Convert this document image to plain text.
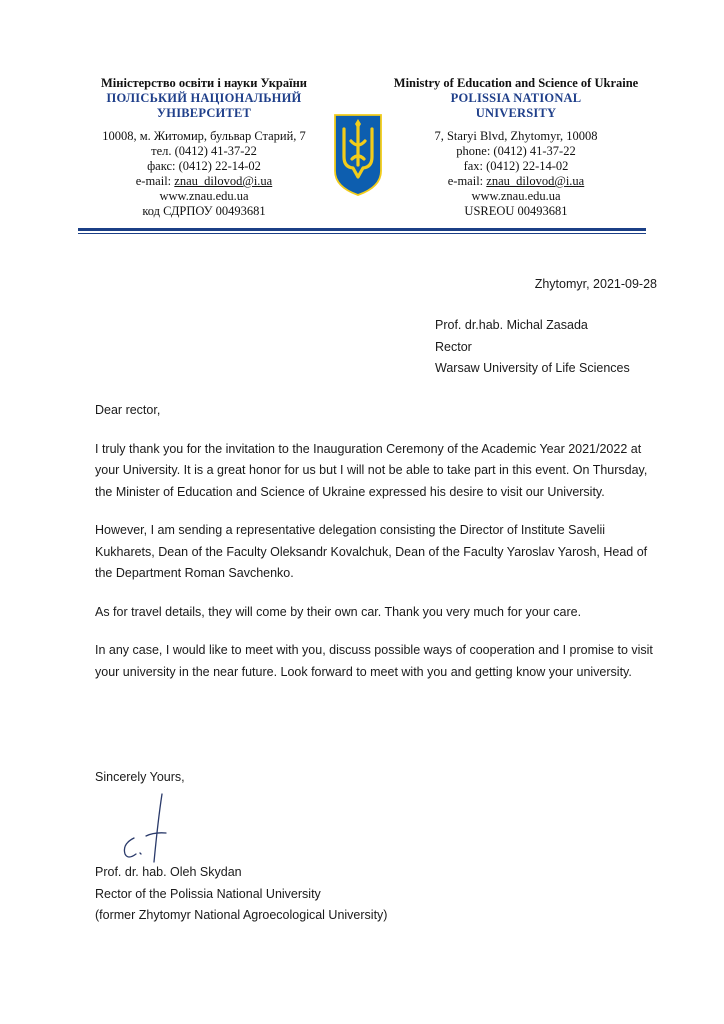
Міністерство освіти і науки України
ПОЛІСЬКИЙ НАЦІОНАЛЬНИЙ
УНІВЕРСИТЕТ
10008, м. Житомир, бульвар Старий, 7
тел. (0412) 41-37-22
факс: (0412) 22-14-02
e-mail: znau_dilovod@i.ua
www.znau.edu.ua
код СДРПОУ 00493681
Ministry of Education and Science of Ukraine
POLISSIA NATIONAL
UNIVERSITY
7, Staryi Blvd, Zhytomyr, 10008
phone: (0412) 41-37-22
fax: (0412) 22-14-02
e-mail: znau_dilovod@i.ua
www.znau.edu.ua
USREOU 00493681
Zhytomyr, 2021-09-28
Prof. dr.hab. Michal Zasada
Rector
Warsaw University of Life Sciences

Dear rector,

I truly thank you for the invitation to the Inauguration Ceremony of the Academic Year 2021/2022 at your University. It is a great honor for us but I will not be able to take part in this event. On Thursday, the Minister of Education and Science of Ukraine expressed his desire to visit our University.

However, I am sending a representative delegation consisting the Director of Institute Savelii Kukharets, Dean of the Faculty Oleksandr Kovalchuk, Dean of the Faculty Yaroslav Yarosh, Head of the Department Roman Savchenko.

As for travel details, they will come by their own car. Thank you very much for your care.

In any case, I would like to meet with you, discuss possible ways of cooperation and I promise to visit your university in the near future. Look forward to meet with you and getting know your university.

Sincerely Yours,
Prof. dr. hab. Oleh Skydan
Rector of the Polissia National University
(former Zhytomyr National Agroecological University)
